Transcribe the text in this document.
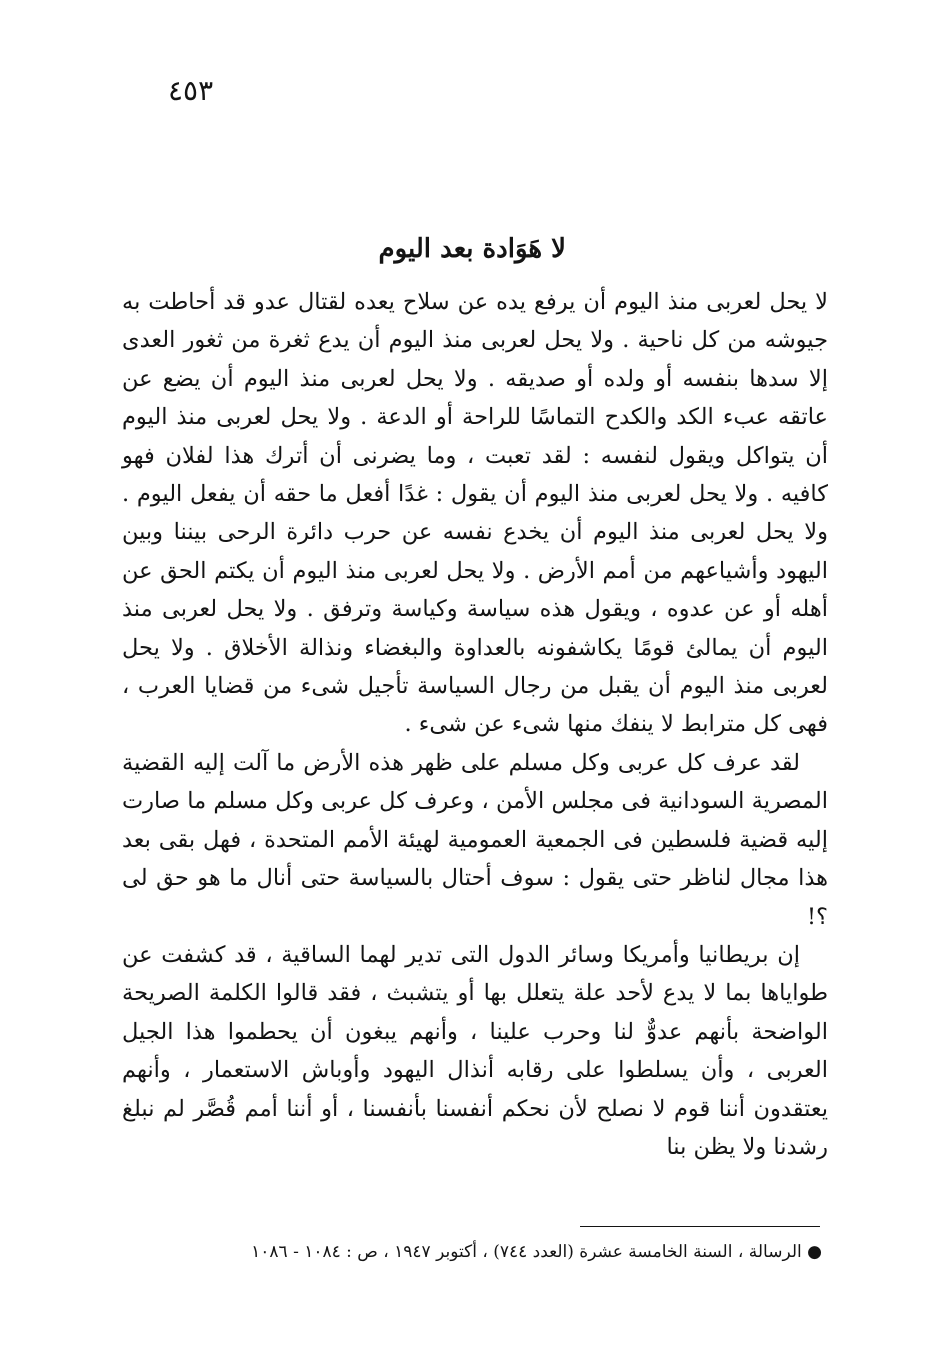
٤٥٣
لا هَوَادة بعد اليوم

لا يحل لعربى منذ اليوم أن يرفع يده عن سلاح يعده لقتال عدو قد أحاطت به جيوشه من كل ناحية . ولا يحل لعربى منذ اليوم أن يدع ثغرة من ثغور العدى إلا سدها بنفسه أو ولده أو صديقه . ولا يحل لعربى منذ اليوم أن يضع عن عاتقه عبء الكد والكدح التماسًا للراحة أو الدعة . ولا يحل لعربى منذ اليوم أن يتواكل ويقول لنفسه : لقد تعبت ، وما يضرنى أن أترك هذا لفلان فهو كافيه . ولا يحل لعربى منذ اليوم أن يقول : غدًا أفعل ما حقه أن يفعل اليوم . ولا يحل لعربى منذ اليوم أن يخدع نفسه عن حرب دائرة الرحى بيننا وبين اليهود وأشياعهم من أمم الأرض . ولا يحل لعربى منذ اليوم أن يكتم الحق عن أهله أو عن عدوه ، ويقول هذه سياسة وكياسة وترفق . ولا يحل لعربى منذ اليوم أن يمالئ قومًا يكاشفونه بالعداوة والبغضاء ونذالة الأخلاق . ولا يحل لعربى منذ اليوم أن يقبل من رجال السياسة تأجيل شىء من قضايا العرب ، فهى كل مترابط لا ينفك منها شىء عن شىء .

لقد عرف كل عربى وكل مسلم على ظهر هذه الأرض ما آلت إليه القضية المصرية السودانية فى مجلس الأمن ، وعرف كل عربى وكل مسلم ما صارت إليه قضية فلسطين فى الجمعية العمومية لهيئة الأمم المتحدة ، فهل بقى بعد هذا مجال لناظر حتى يقول : سوف أحتال بالسياسة حتى أنال ما هو حق لى ؟!

إن بريطانيا وأمريكا وسائر الدول التى تدير لهما الساقية ، قد كشفت عن طواياها بما لا يدع لأحد علة يتعلل بها أو يتشبث ، فقد قالوا الكلمة الصريحة الواضحة بأنهم عدوٌّ لنا وحرب علينا ، وأنهم يبغون أن يحطموا هذا الجيل العربى ، وأن يسلطوا على رقابه أنذال اليهود وأوباش الاستعمار ، وأنهم يعتقدون أننا قوم لا نصلح لأن نحكم أنفسنا بأنفسنا ، أو أننا أمم قُصَّر لم نبلغ رشدنا ولا يظن بنا

● الرسالة ، السنة الخامسة عشرة (العدد ٧٤٤) ، أكتوبر ١٩٤٧ ، ص : ١٠٨٤ - ١٠٨٦
